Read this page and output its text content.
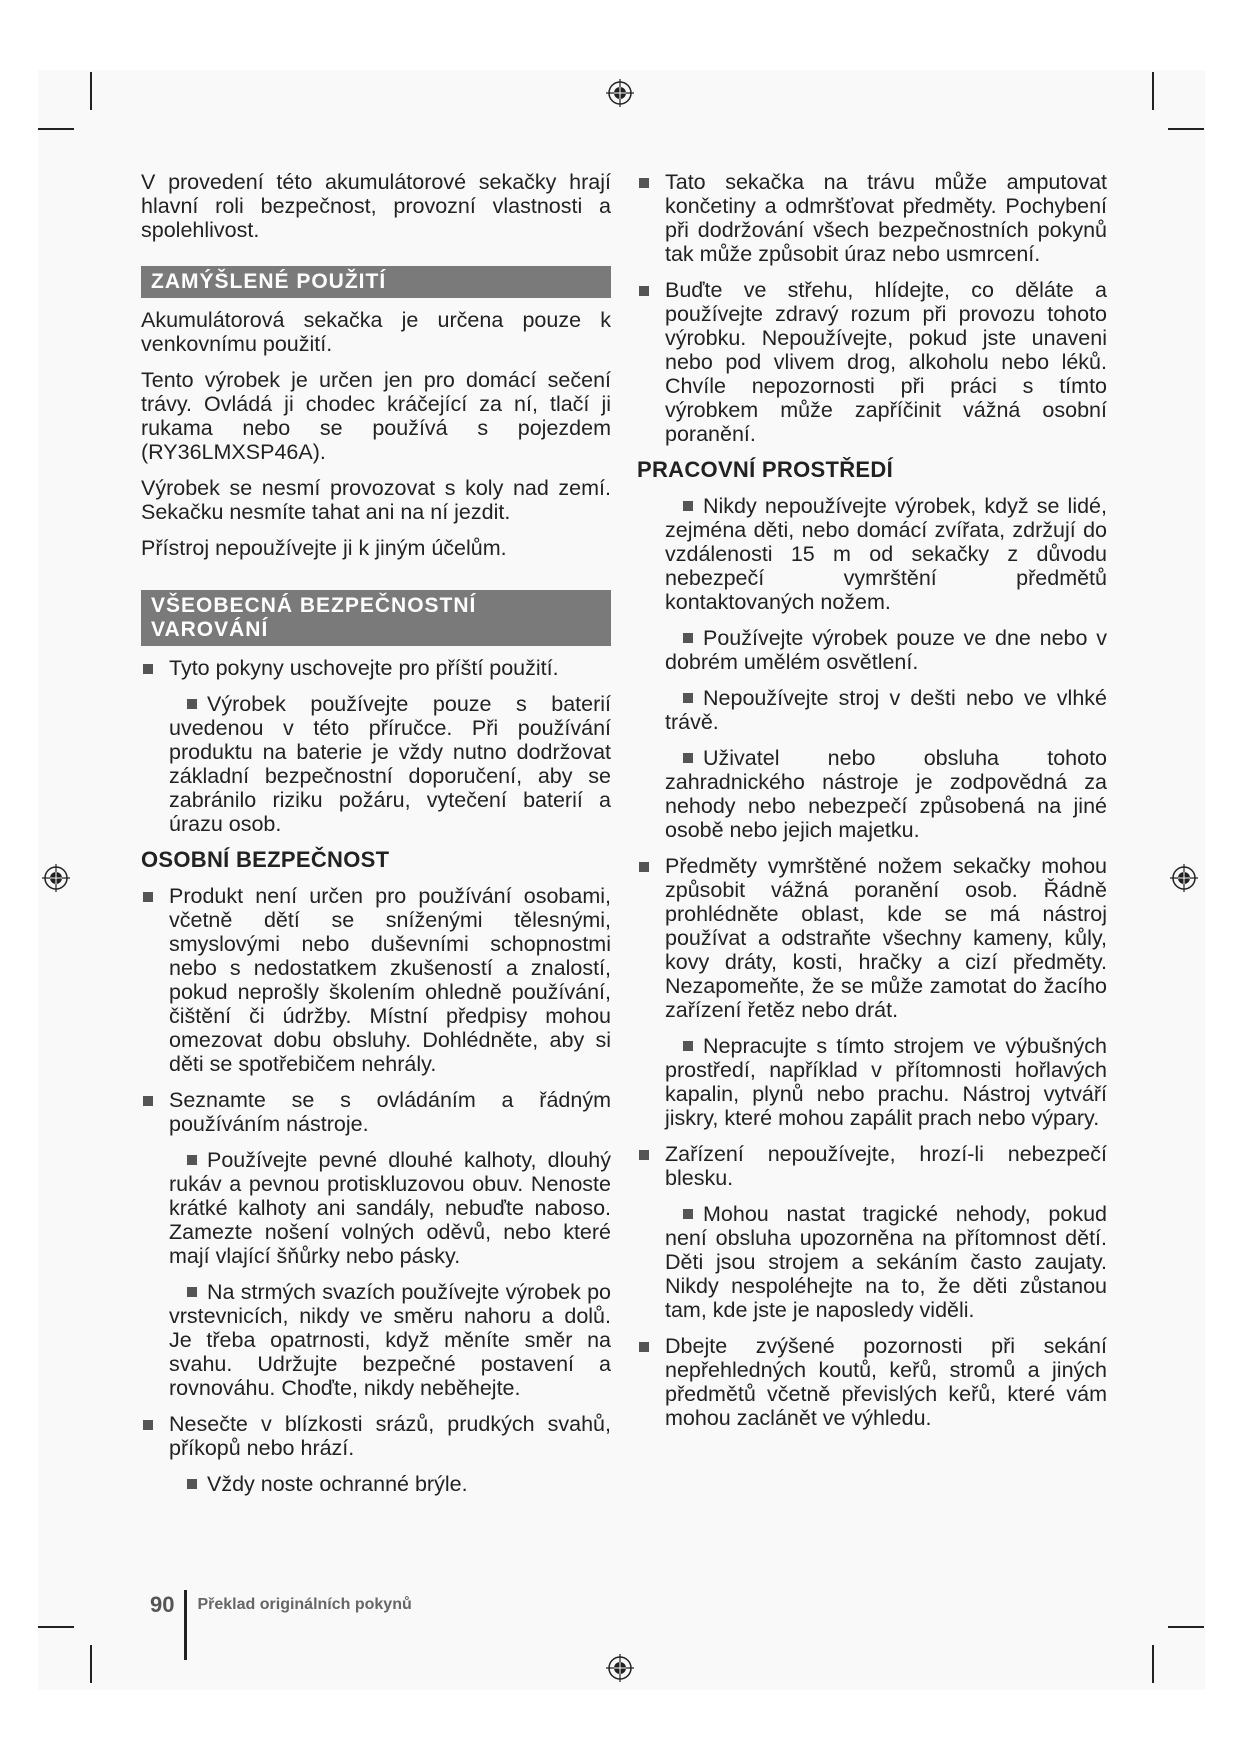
V provedení této akumulátorové sekačky hrají hlavní roli bezpečnost, provozní vlastnosti a spolehlivost.

ZAMÝŠLENÉ POUŽITÍ

Akumulátorová sekačka je určena pouze k venkovnímu použití.

Tento výrobek je určen jen pro domácí sečení trávy. Ovládá ji chodec kráčející za ní, tlačí ji rukama nebo se používá s pojezdem (RY36LMXSP46A).

Výrobek se nesmí provozovat s koly nad zemí. Sekačku nesmíte tahat ani na ní jezdit.

Přístroj nepoužívejte ji k jiným účelům.

VŠEOBECNÁ BEZPEČNOSTNÍ
VAROVÁNÍ
Tyto pokyny uschovejte pro příští použití.
Výrobek používejte pouze s baterií uvedenou v této příručce. Při používání produktu na baterie je vždy nutno dodržovat základní bezpečnostní doporučení, aby se zabránilo riziku požáru, vytečení baterií a úrazu osob.
OSOBNÍ BEZPEČNOST
Produkt není určen pro používání osobami, včetně dětí se sníženými tělesnými, smyslovými nebo duševními schopnostmi nebo s nedostatkem zkušeností a znalostí, pokud neprošly školením ohledně používání, čištění či údržby. Místní předpisy mohou omezovat dobu obsluhy. Dohlédněte, aby si děti se spotřebičem nehrály.
Seznamte se s ovládáním a řádným používáním nástroje.
Používejte pevné dlouhé kalhoty, dlouhý rukáv a pevnou protiskluzovou obuv. Nenoste krátké kalhoty ani sandály, nebuďte naboso. Zamezte nošení volných oděvů, nebo které mají vlající šňůrky nebo pásky.
Na strmých svazích používejte výrobek po vrstevnicích, nikdy ve směru nahoru a dolů. Je třeba opatrnosti, když měníte směr na svahu. Udržujte bezpečné postavení a rovnováhu. Choďte, nikdy neběhejte.
Nesečte v blízkosti srázů, prudkých svahů, příkopů nebo hrází.
Vždy noste ochranné brýle.
Tato sekačka na trávu může amputovat končetiny a odmršťovat předměty. Pochybení při dodržování všech bezpečnostních pokynů tak může způsobit úraz nebo usmrcení.
Buďte ve střehu, hlídejte, co děláte a používejte zdravý rozum při provozu tohoto výrobku. Nepoužívejte, pokud jste unaveni nebo pod vlivem drog, alkoholu nebo léků. Chvíle nepozornosti při práci s tímto výrobkem může zapříčinit vážná osobní poranění.
PRACOVNÍ PROSTŘEDÍ
Nikdy nepoužívejte výrobek, když se lidé, zejména děti, nebo domácí zvířata, zdržují do vzdálenosti 15 m od sekačky z důvodu nebezpečí vymrštění předmětů kontaktovaných nožem.
Používejte výrobek pouze ve dne nebo v dobrém umělém osvětlení.
Nepoužívejte stroj v dešti nebo ve vlhké trávě.
Uživatel nebo obsluha tohoto zahradnického nástroje je zodpovědná za nehody nebo nebezpečí způsobená na jiné osobě nebo jejich majetku.
Předměty vymrštěné nožem sekačky mohou způsobit vážná poranění osob. Řádně prohlédněte oblast, kde se má nástroj používat a odstraňte všechny kameny, kůly, kovy dráty, kosti, hračky a cizí předměty. Nezapomeňte, že se může zamotat do žacího zařízení řetěz nebo drát.
Nepracujte s tímto strojem ve výbušných prostředí, například v přítomnosti hořlavých kapalin, plynů nebo prachu. Nástroj vytváří jiskry, které mohou zapálit prach nebo výpary.
Zařízení nepoužívejte, hrozí-li nebezpečí blesku.
Mohou nastat tragické nehody, pokud není obsluha upozorněna na přítomnost dětí. Děti jsou strojem a sekáním často zaujaty. Nikdy nespoléhejte na to, že děti zůstanou tam, kde jste je naposledy viděli.
Dbejte zvýšené pozornosti při sekání nepřehledných koutů, keřů, stromů a jiných předmětů včetně převislých keřů, které vám mohou zaclánět ve výhledu.
90 Překlad originálních pokynů
